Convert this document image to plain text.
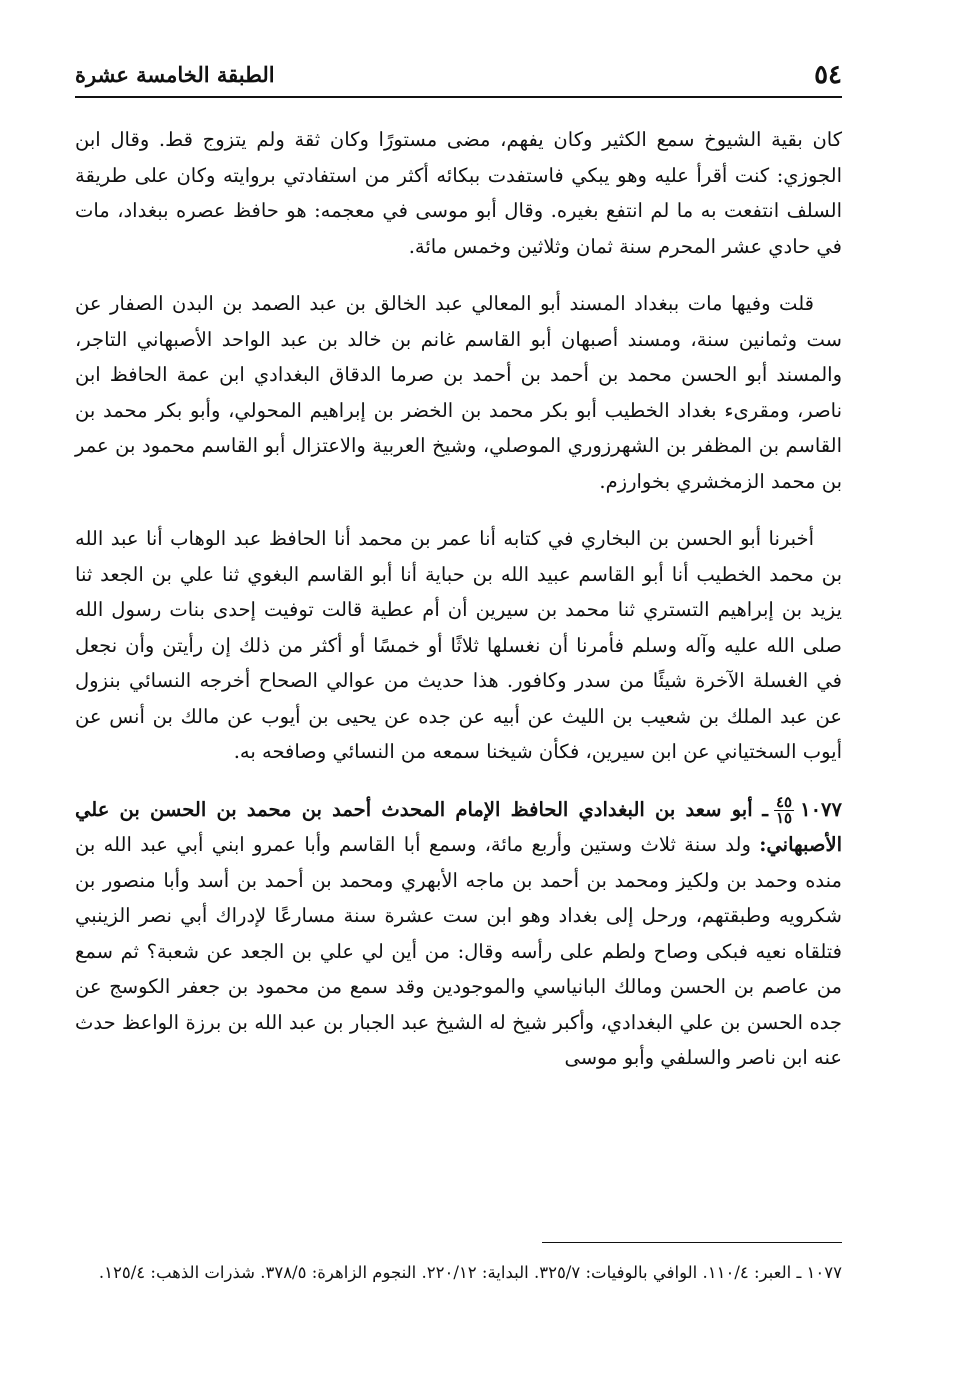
٥٤
الطبقة الخامسة عشرة

كان بقية الشيوخ سمع الكثير وكان يفهم، مضى مستورًا وكان ثقة ولم يتزوج قط. وقال ابن الجوزي: كنت أقرأ عليه وهو يبكي فاستفدت ببكائه أكثر من استفادتي بروايته وكان على طريقة السلف انتفعت به ما لم انتفع بغيره. وقال أبو موسى في معجمه: هو حافظ عصره ببغداد، مات في حادي عشر المحرم سنة ثمان وثلاثين وخمس مائة.

قلت وفيها مات ببغداد المسند أبو المعالي عبد الخالق بن عبد الصمد بن البدن الصفار عن ست وثمانين سنة، ومسند أصبهان أبو القاسم غانم بن خالد بن عبد الواحد الأصبهاني التاجر، والمسند أبو الحسن محمد بن أحمد بن أحمد بن صرما الدقاق البغدادي ابن عمة الحافظ ابن ناصر، ومقرىء بغداد الخطيب أبو بكر محمد بن الخضر بن إبراهيم المحولي، وأبو بكر محمد بن القاسم بن المظفر بن الشهرزوري الموصلي، وشيخ العربية والاعتزال أبو القاسم محمود بن عمر بن محمد الزمخشري بخوارزم.

أخبرنا أبو الحسن بن البخاري في كتابه أنا عمر بن محمد أنا الحافظ عبد الوهاب أنا عبد الله بن محمد الخطيب أنا أبو القاسم عبيد الله بن حباية أنا أبو القاسم البغوي ثنا علي بن الجعد ثنا يزيد بن إبراهيم التستري ثنا محمد بن سيرين أن أم عطية قالت توفيت إحدى بنات رسول الله صلى الله عليه وآله وسلم فأمرنا أن نغسلها ثلاثًا أو خمسًا أو أكثر من ذلك إن رأيتن وأن نجعل في الغسلة الآخرة شيئًا من سدر وكافور. هذا حديث من عوالي الصحاح أخرجه النسائي بنزول عن عبد الملك بن شعيب بن الليث عن أبيه عن جده عن يحيى بن أيوب عن مالك بن أنس عن أيوب السختياني عن ابن سيرين، فكأن شيخنا سمعه من النسائي وصافحه به.

١٠٧٧
$\frac{٤٥}{١٥}$
ـ أبو سعد بن البغدادي الحافظ الإمام المحدث أحمد بن محمد بن الحسن بن علي الأصبهاني: ولد سنة ثلاث وستين وأربع مائة، وسمع أبا القاسم وأبا عمرو ابني أبي عبد الله بن منده وحمد بن ولكيز ومحمد بن أحمد بن ماجه الأبهري ومحمد بن أحمد بن أسد وأبا منصور بن شكرويه وطبقتهم، ورحل إلى بغداد وهو ابن ست عشرة سنة مسارعًا لإدراك أبي نصر الزينبي فتلقاه نعيه فبكى وصاح ولطم على رأسه وقال: من أين لي علي بن الجعد عن شعبة؟ ثم سمع من عاصم بن الحسن ومالك البانياسي والموجودين وقد سمع من محمود بن جعفر الكوسج عن جده الحسن بن علي البغدادي، وأكبر شيخ له الشيخ عبد الجبار بن عبد الله بن برزة الواعظ حدث عنه ابن ناصر والسلفي وأبو موسى

١٠٧٧ ـ العبر: ١١٠/٤. الوافي بالوفيات: ٣٢٥/٧. البداية: ٢٢٠/١٢. النجوم الزاهرة: ٣٧٨/٥. شذرات الذهب: ١٢٥/٤.
